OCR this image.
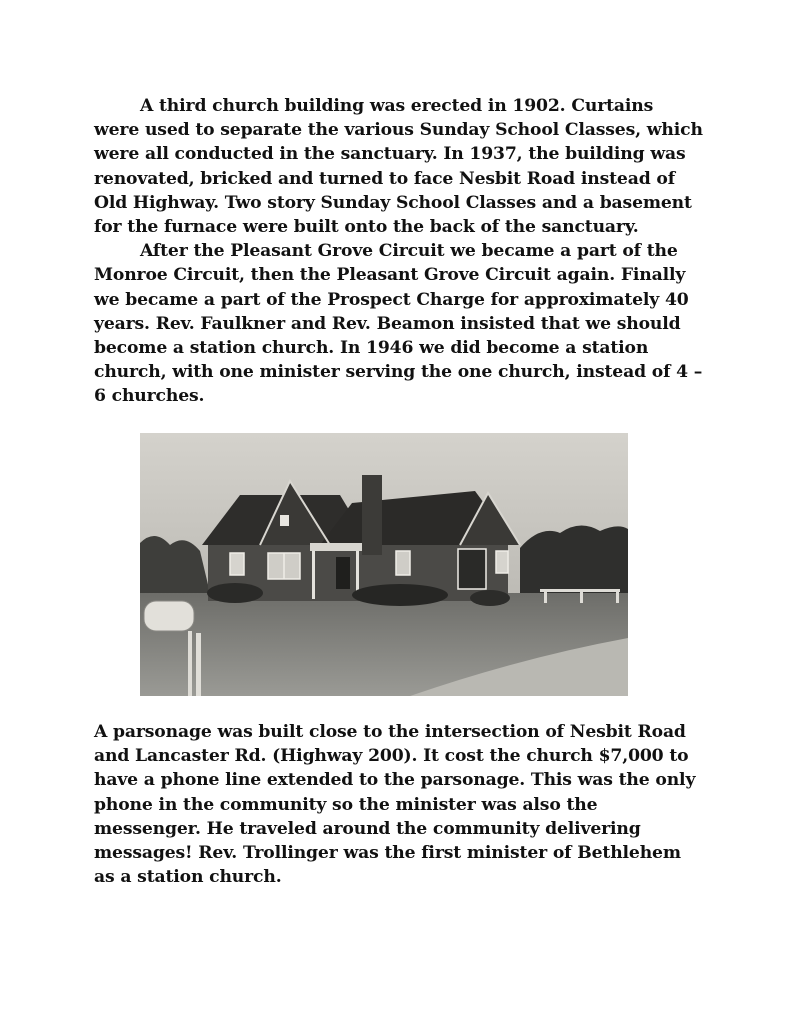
A third church building was erected in 1902. Curtains
were used to separate the various Sunday School Classes, which
were all conducted in the sanctuary. In 1937, the building was
renovated, bricked and turned to face Nesbit Road instead of
Old Highway. Two story Sunday School Classes and a basement
for the furnace were built onto the back of the sanctuary.
After the Pleasant Grove Circuit we became a part of the
Monroe Circuit, then the Pleasant Grove Circuit again. Finally
we became a part of the Prospect Charge for approximately 40
years. Rev. Faulkner and Rev. Beamon insisted that we should
become a station church. In 1946 we did become a station
church, with one minister serving the one church, instead of 4 –
6 churches.
A parsonage was built close to the intersection of Nesbit Road
and Lancaster Rd. (Highway 200). It cost the church $7,000 to
have a phone line extended to the parsonage. This was the only
phone in the community so the minister was also the
messenger. He traveled around the community delivering
messages! Rev. Trollinger was the first minister of Bethlehem
as a station church.
